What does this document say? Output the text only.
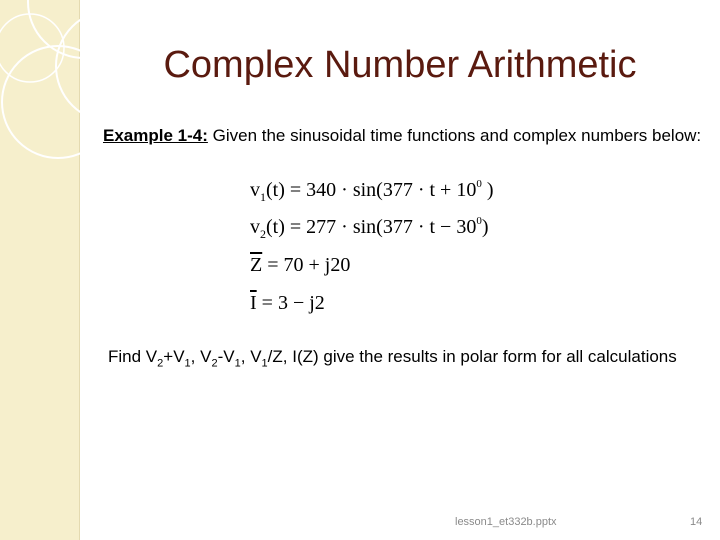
Complex Number Arithmetic
Example 1-4: Given the sinusoidal time functions and complex numbers below:
$v_1(t) = 340 \cdot \sin(377 \cdot t + 10^0$ )
$v_2(t) = 277 \cdot \sin(377 \cdot t - 30^0)$
$\overline{Z} = 70 + j20$
$\overline{I} = 3 - j2$
Find $V_2+V_1$, $V_2-V_1$, $V_1/Z$, I(Z) give the results in polar form for all calculations
lesson1_et332b.pptx	14
